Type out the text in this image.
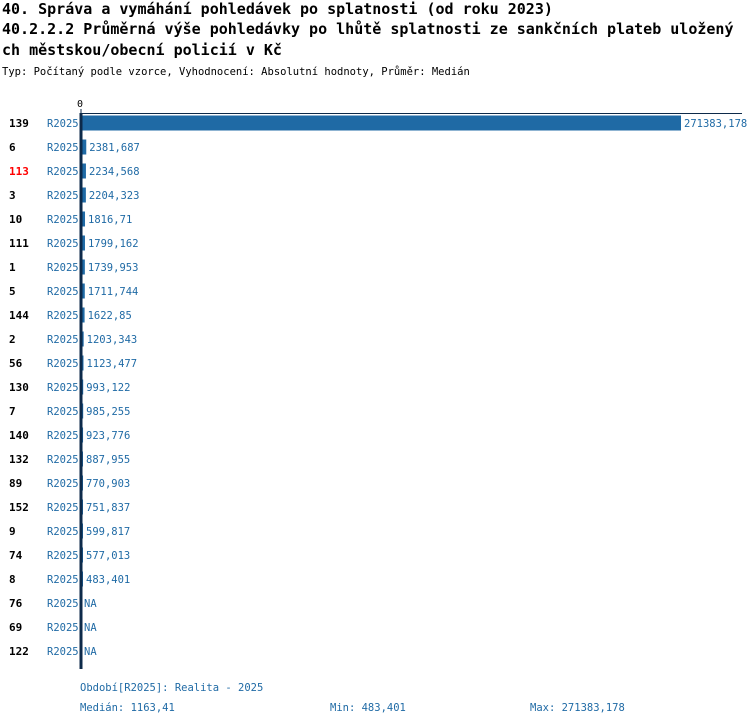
40. Správa a vymáhání pohledávek po splatnosti (od roku 2023)
40.2.2.2 Průměrná výše pohledávky po lhůtě splatnosti ze sankčních plateb uložený
ch městskou/obecní policií v Kč
Typ: Počítaný podle vzorce, Vyhodnocení: Absolutní hodnoty, Průměr: Medián
0
139 R2025	271383,178
6	R2025 2381,687
113 R2025 2234,568
3	R2025 2204,323
10 R2025 1816,71
111 R2025 1799,162
1	R2025 1739,953
5	R2025 1711,744
144 R2025 1622,85
2	R2025 1203,343
56 R2025 1123,477
130 R2025 993,122
7	R2025 985,255
140 R2025 923,776
132 R2025 887,955
89 R2025 770,903
152 R2025 751,837
9	R2025 599,817
74 R2025 577,013
8	R2025 483,401
76 R2025 NA
69 R2025 NA
122 R2025 NA
Období[R2025]: Realita - 2025
Medián: 1163,41	Min: 483,401	Max: 271383,178
